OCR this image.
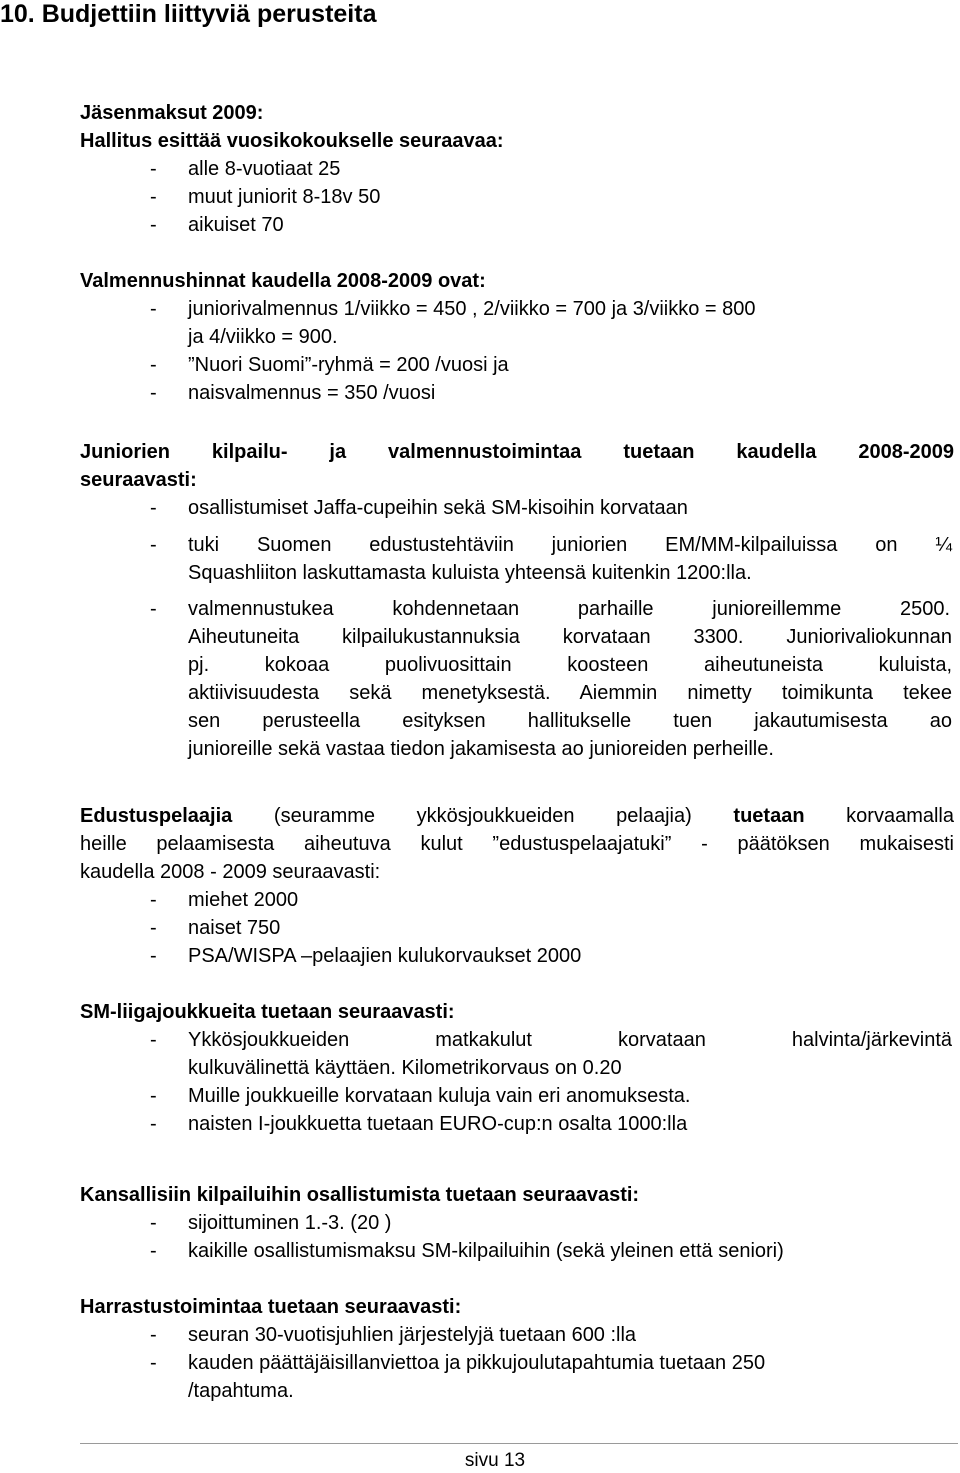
10. Budjettiin liittyviä perusteita
Jäsenmaksut 2009:
Hallitus esittää vuosikokoukselle seuraavaa:
-	alle 8-vuotiaat 25
-	muut juniorit 8-18v 50
-	aikuiset 70
Valmennushinnat kaudella 2008-2009 ovat:
-	juniorivalmennus 1/viikko = 450 , 2/viikko = 700 ja 3/viikko = 800
ja 4/viikko = 900.
-	”Nuori Suomi”-ryhmä = 200 /vuosi ja
-	naisvalmennus = 350 /vuosi
Juniorien kilpailu- ja valmennustoimintaa tuetaan kaudella 2008-2009
seuraavasti:
-	osallistumiset Jaffa-cupeihin sekä SM-kisoihin korvataan
-	tuki Suomen edustustehtäviin juniorien EM/MM-kilpailuissa on ¼
Squashliiton laskuttamasta kuluista yhteensä kuitenkin 1200:lla.
-	valmennustukea kohdennetaan parhaille junioreillemme 2500.
Aiheutuneita kilpailukustannuksia korvataan 3300. Juniorivaliokunnan
pj. kokoaa puolivuosittain koosteen aiheutuneista kuluista,
aktiivisuudesta sekä menetyksestä. Aiemmin nimetty toimikunta tekee
sen perusteella esityksen hallitukselle tuen jakautumisesta ao
junioreille sekä vastaa tiedon jakamisesta ao junioreiden perheille.
Edustuspelaajia (seuramme ykkösjoukkueiden pelaajia) tuetaan korvaamalla
heille pelaamisesta aiheutuva kulut ”edustuspelaajatuki” - päätöksen mukaisesti
kaudella 2008 - 2009 seuraavasti:
-	miehet 2000
-	naiset 750
-	PSA/WISPA –pelaajien kulukorvaukset 2000
SM-liigajoukkueita tuetaan seuraavasti:
-	Ykkösjoukkueiden matkakulut korvataan halvinta/järkevintä
kulkuvälinettä käyttäen. Kilometrikorvaus on 0.20
-	Muille joukkueille korvataan kuluja vain eri anomuksesta.
-	naisten I-joukkuetta tuetaan EURO-cup:n osalta 1000:lla
Kansallisiin kilpailuihin osallistumista tuetaan seuraavasti:
-	sijoittuminen 1.-3. (20 )
-	kaikille osallistumismaksu SM-kilpailuihin (sekä yleinen että seniori)
Harrastustoimintaa tuetaan seuraavasti:
-	seuran 30-vuotisjuhlien järjestelyjä tuetaan 600 :lla
-	kauden päättäjäisillanviettoa ja pikkujoulutapahtumia tuetaan 250
/tapahtuma.
sivu 13
